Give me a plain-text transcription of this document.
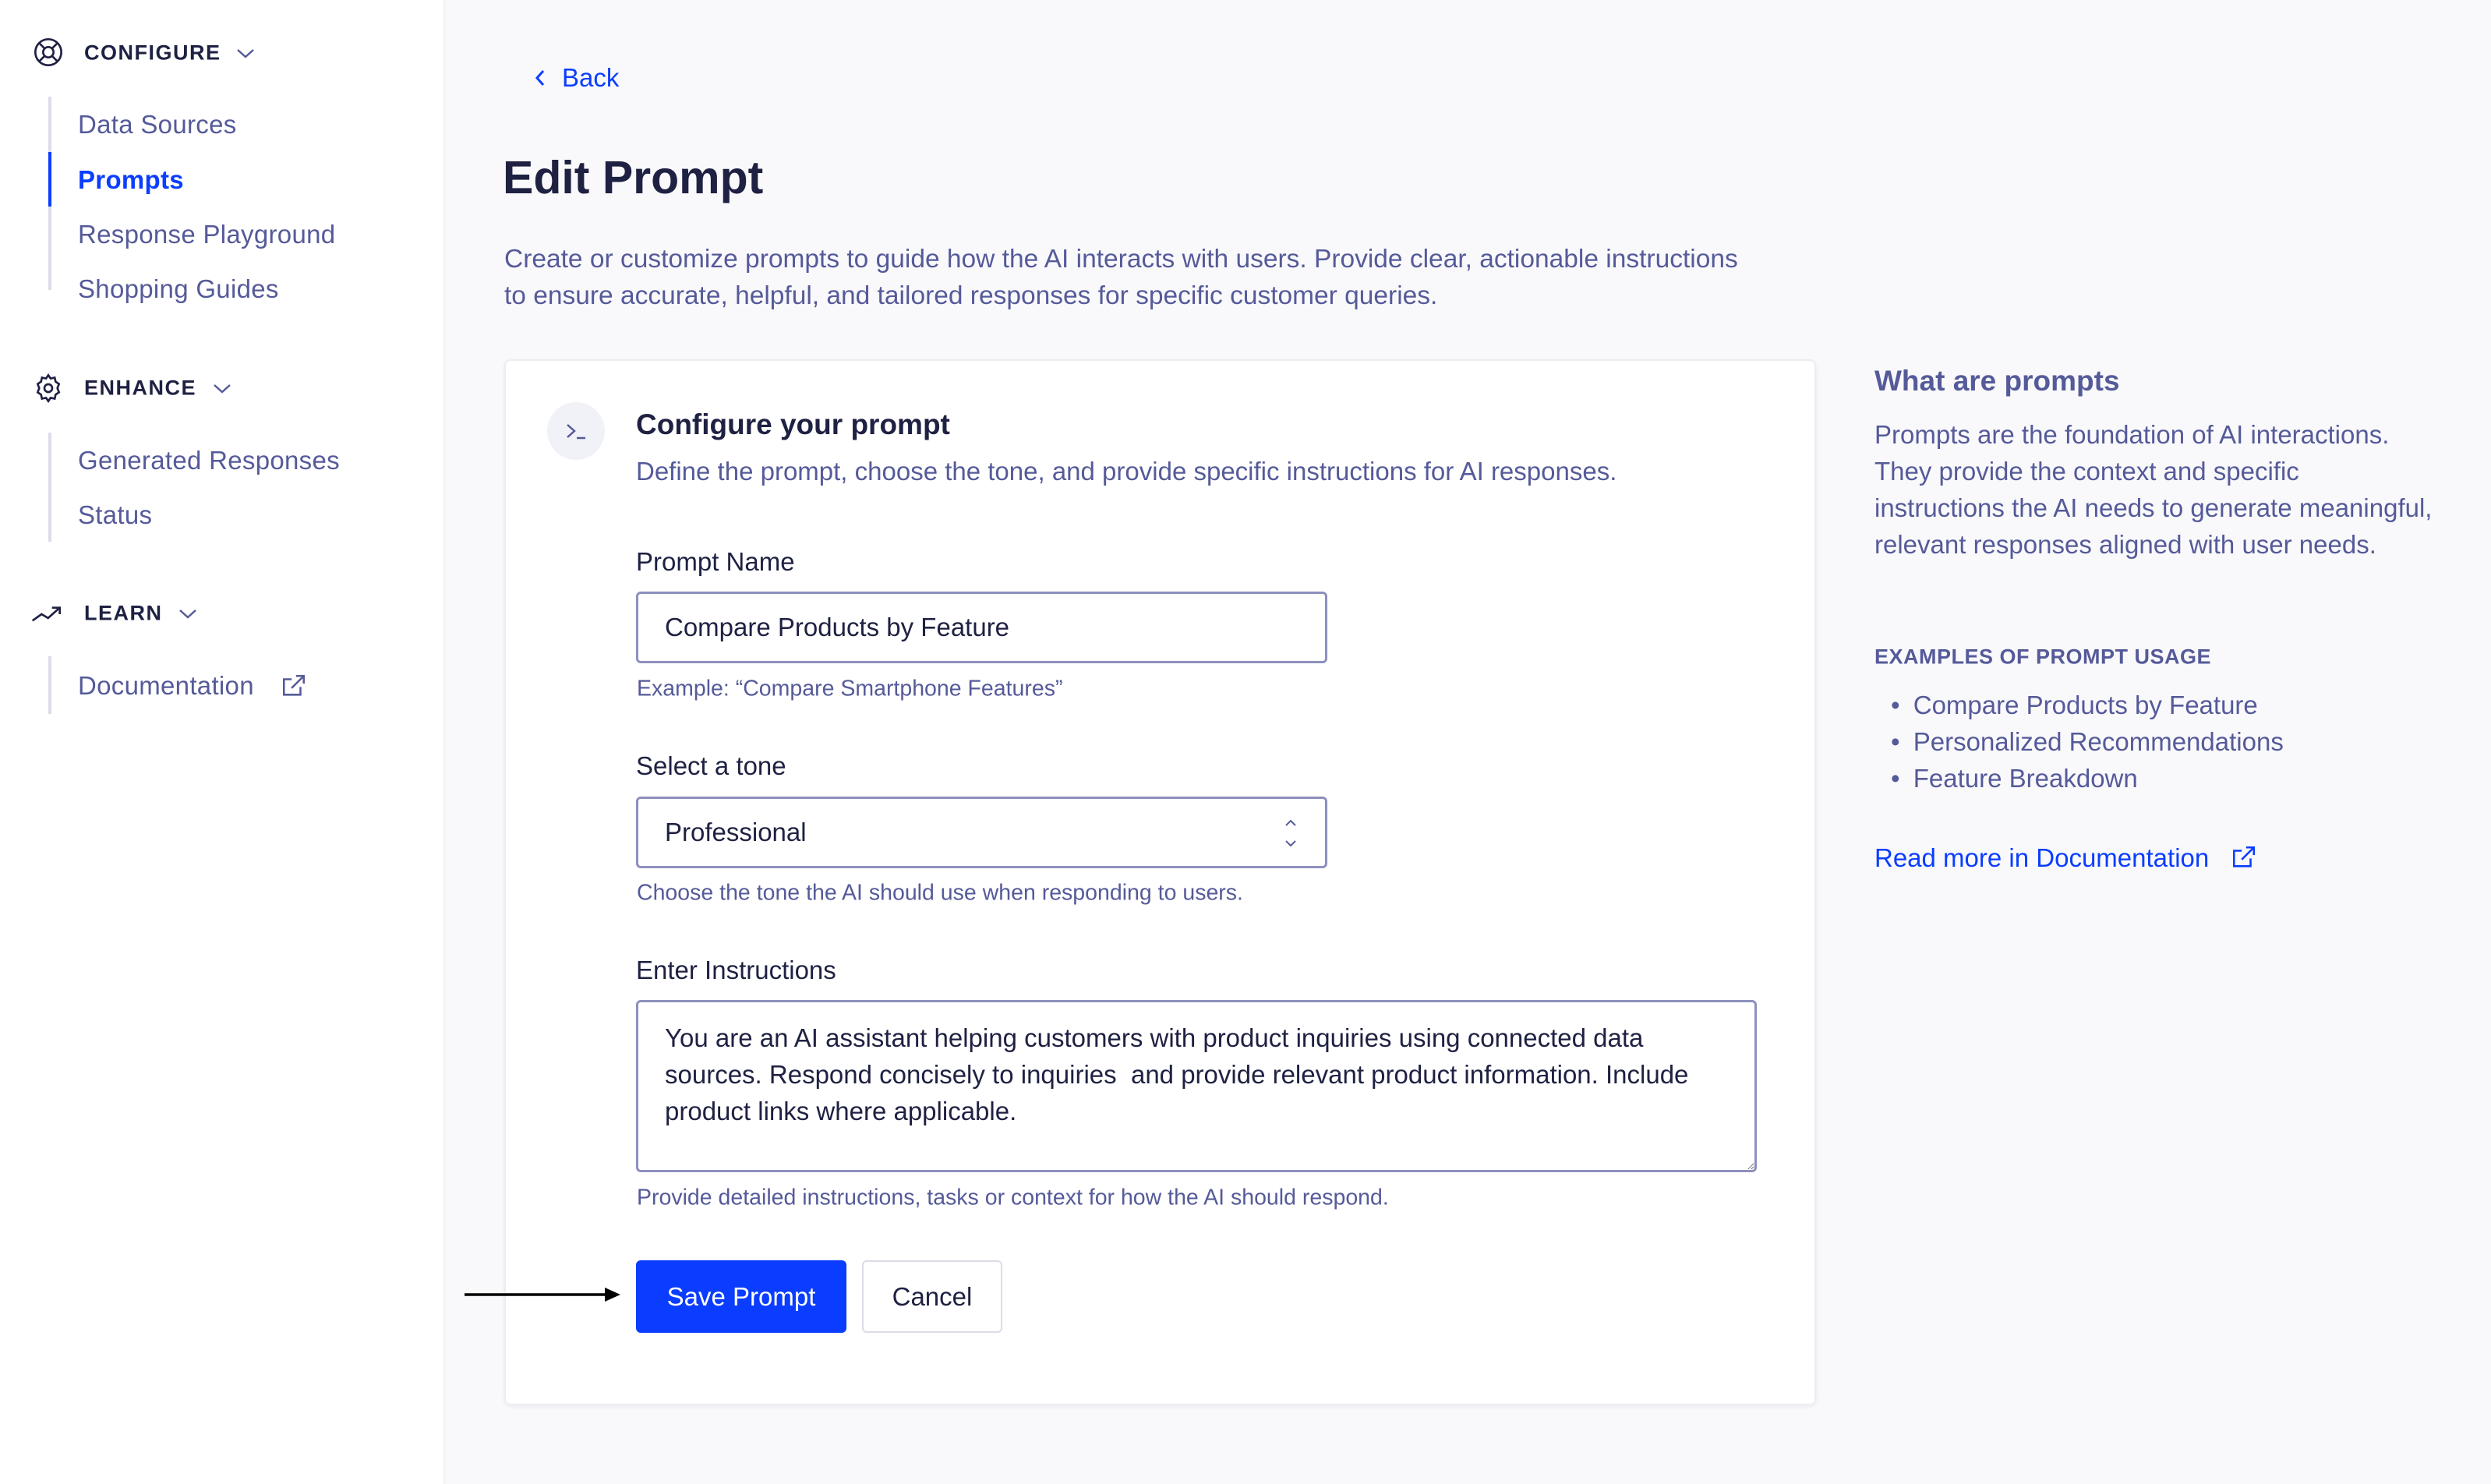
CONFIGURE
Data Sources
Prompts
Response Playground
Shopping Guides
ENHANCE
Generated Responses
Status
LEARN
Documentation
Back
Edit Prompt
Create or customize prompts to guide how the AI interacts with users. Provide clear, actionable instructions
to ensure accurate, helpful, and tailored responses for specific customer queries.
Configure your prompt
Define the prompt, choose the tone, and provide specific instructions for AI responses.
Prompt Name
Compare Products by Feature
Example: “Compare Smartphone Features”
Select a tone
Professional
Choose the tone the AI should use when responding to users.
Enter Instructions
You are an AI assistant helping customers with product inquiries using connected data sources. Respond concisely to inquiries and provide relevant product information. Include product links where applicable.
Provide detailed instructions, tasks or context for how the AI should respond.
Save Prompt	Cancel
What are prompts
Prompts are the foundation of AI interactions. They provide the context and specific instructions the AI needs to generate meaningful, relevant responses aligned with user needs.
EXAMPLES OF PROMPT USAGE
• Compare Products by Feature
• Personalized Recommendations
• Feature Breakdown
Read more in Documentation
